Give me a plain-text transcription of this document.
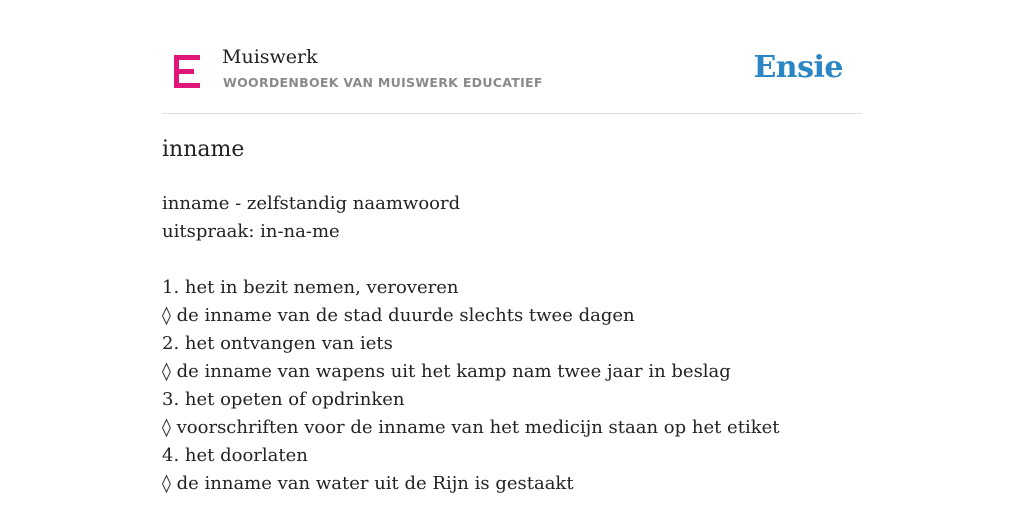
Muiswerk
WOORDENBOEK VAN MUISWERK EDUCATIEF	Ensie
inname
inname - zelfstandig naamwoord
uitspraak: in-na-me
1. het in bezit nemen, veroveren
◊ de inname van de stad duurde slechts twee dagen
2. het ontvangen van iets
◊ de inname van wapens uit het kamp nam twee jaar in beslag
3. het opeten of opdrinken
◊ voorschriften voor de inname van het medicijn staan op het etiket
4. het doorlaten
◊ de inname van water uit de Rijn is gestaakt
